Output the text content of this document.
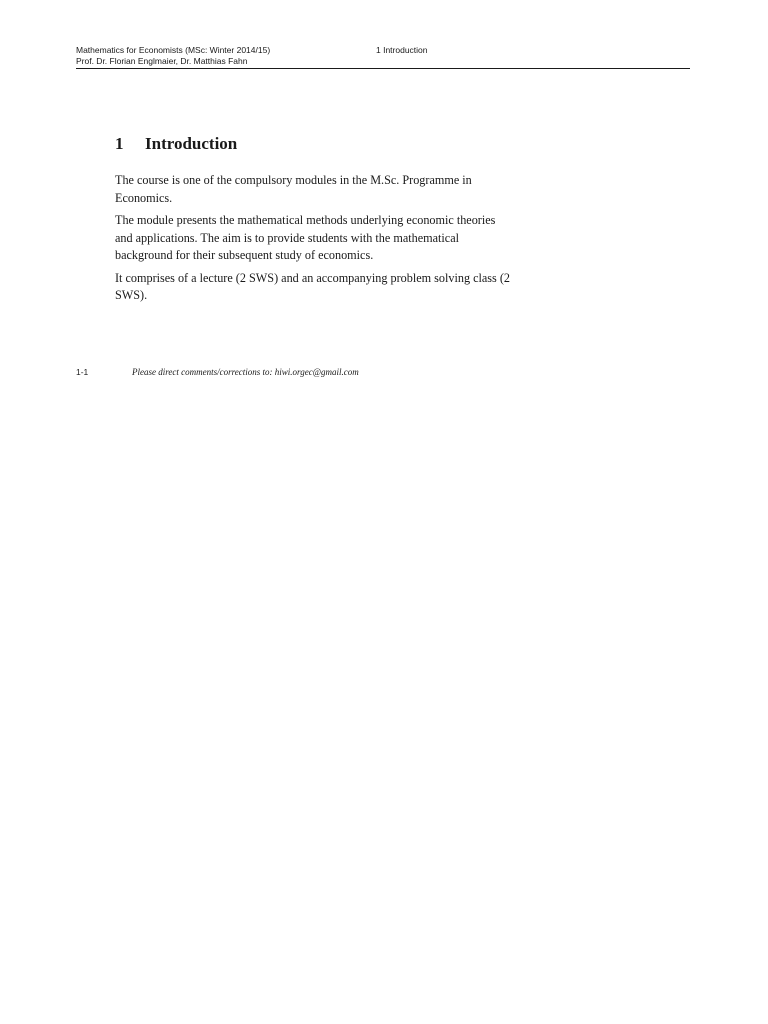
Mathematics for Economists (MSc: Winter 2014/15)
Prof. Dr. Florian Englmaier, Dr. Matthias Fahn
1 Introduction
1 Introduction

The course is one of the compulsory modules in the M.Sc. Programme in Economics.

The module presents the mathematical methods underlying economic theories and applications. The aim is to provide students with the mathematical background for their subsequent study of economics.

It comprises of a lecture (2 SWS) and an accompanying problem solving class (2 SWS).

1-1	Please direct comments/corrections to: hiwi.orgec@gmail.com
